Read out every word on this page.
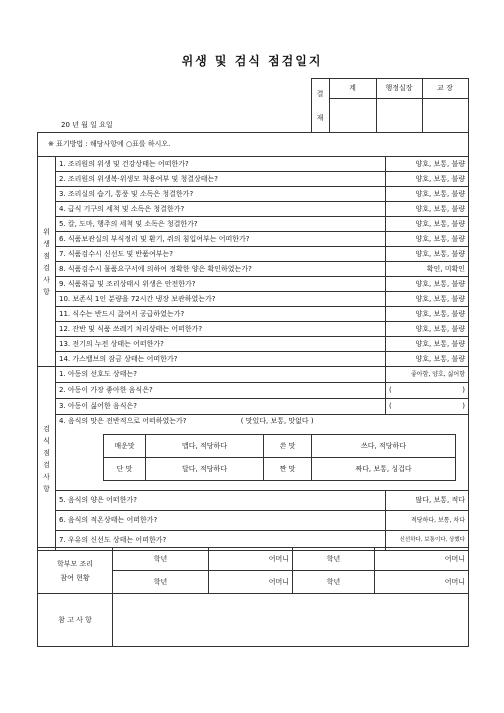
위생 및 검식 점검일지
	결

재	계	행정실장	교 장
20 년 월 일 요일				
※ 표기방법 : 해당사항에 ○표를 하시오.
위
생
점
검
사
항
	1. 조리원의 위생 및 건강상태는 어떠한가?	양호, 보통, 불량
2. 조리원의 위생복·위생모 착용여부 및 청결상태는?	양호, 보통, 불량
3. 조리실의 습기, 통풍 및 소독은 청결한가?	양호, 보통, 불량
4. 급식 기구의 세척 및 소독은 청결한가?	양호, 보통, 불량
5. 칼, 도마, 행주의 세척 및 소독은 청결한가?	양호, 보통, 불량
6. 식품보관실의 부식정리 및 환기, 쥐의 침입여부는 어떠한가?	양호, 보통, 불량
7. 식품검수시 신선도 및 반품여부는?	양호, 보통, 불량
8. 식품검수시 물품요구서에 의하여 정확한 양은 확인하였는가?	확인, 미확인
9. 식품취급 및 조리상태시 위생은 안전한가?	양호, 보통, 불량
10. 보존식 1인 분량을 72시간 냉장 보관하였는가?	양호, 보통, 불량
11. 식수는 반드시 끓여서 공급하였는가?	양호, 보통, 불량
12. 잔반 및 식품 쓰레기 처리상태는 어떠한가?	양호, 보통, 불량
13. 전기의 누전 상태는 어떠한가?	양호, 보통, 불량
14. 가스밸브의 잠금 상태는 어떠한가?	양호, 보통, 불량
검
식
점
검
사
항
	1. 아동의 선호도 상태는?	좋아함, 양호, 싫어함
2. 아동이 가장 좋아한 음식은?	(	)

3. 아동이 싫어한 음식은?	(	)

4. 음식의 맛은 전반적으로 어떠하였는가?	( 맛있다, 보통, 맛없다 )
매운맛	맵다, 적당하다	쓴 맛	쓰다, 적당하다
단 맛	달다, 적당하다	짠 맛	짜다, 보통, 싱겁다

5. 음식의 양은 어떠한가?	많다, 보통, 적다
6. 음식의 적온상태는 어떠한가?	적당하다, 보통, 차다
7. 우유의 신선도 상태는 어떠한가?	신선하다, 보통이다, 상했다
학부모 조리
참여 현황	학년	어머니	학년	어머니
	학년	어머니	학년	어머니
참 고 사 항				
